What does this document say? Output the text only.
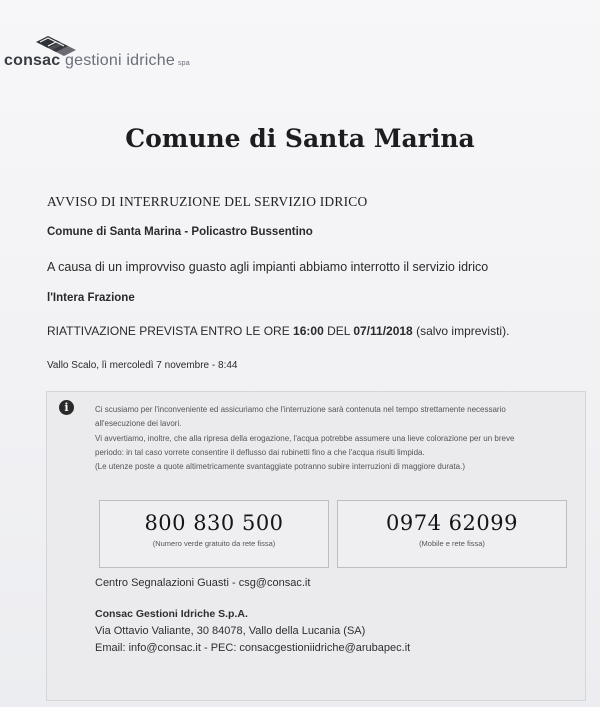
consac gestioni idriche spa
Comune di Santa Marina
AVVISO DI INTERRUZIONE DEL SERVIZIO IDRICO
Comune di Santa Marina - Policastro Bussentino
A causa di un improvviso guasto agli impianti abbiamo interrotto il servizio idrico
l'Intera Frazione
RIATTIVAZIONE PREVISTA ENTRO LE ORE 16:00 DEL 07/11/2018 (salvo imprevisti).
Vallo Scalo, lì mercoledì 7 novembre - 8:44
i	Ci scusiamo per l'inconveniente ed assicuriamo che l'interruzione sarà contenuta nel tempo strettamente necessario
all'esecuzione dei lavori.
Vi avvertiamo, inoltre, che alla ripresa della erogazione, l'acqua potrebbe assumere una lieve colorazione per un breve
periodo: in tal caso vorrete consentire il deflusso dai rubinetti fino a che l'acqua risulti limpida.
(Le utenze poste a quote altimetricamente svantaggiate potranno subire interruzioni di maggiore durata.)
800 830 500
(Numero verde gratuito da rete fissa)
0974 62099
(Mobile e rete fissa)
Centro Segnalazioni Guasti - csg@consac.it
Consac Gestioni Idriche S.p.A.
Via Ottavio Valiante, 30 84078, Vallo della Lucania (SA)
Email: info@consac.it - PEC: consacgestioniidriche@arubapec.it
